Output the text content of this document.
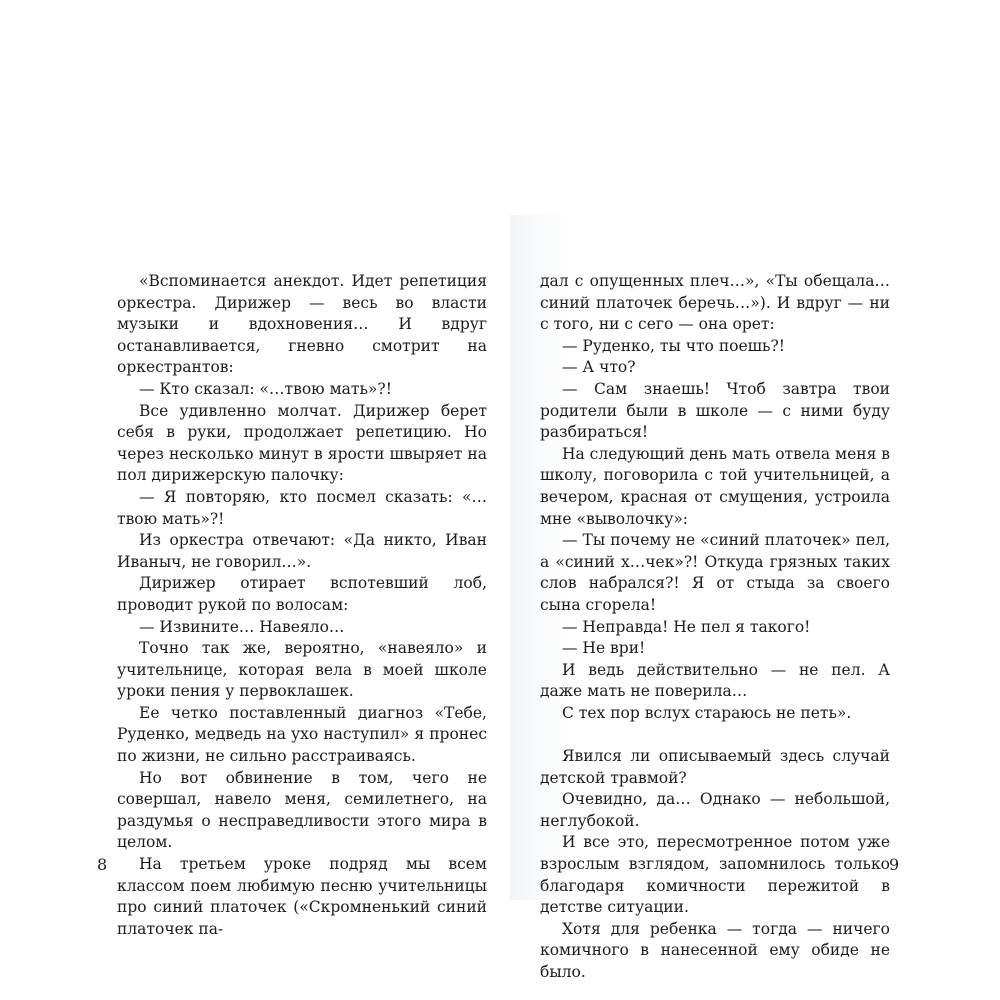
«Вспоминается анекдот. Идет репетиция оркестра. Дирижер — весь во власти музыки и вдохновения… И вдруг останавливается, гневно смотрит на оркестрантов:

— Кто сказал: «…твою мать»?!

Все удивленно молчат. Дирижер берет себя в руки, продолжает репетицию. Но через несколько минут в ярости швыряет на пол дирижерскую палочку:

— Я повторяю, кто посмел сказать: «…твою мать»?!

Из оркестра отвечают: «Да никто, Иван Иваныч, не говорил…».

Дирижер отирает вспотевший лоб, проводит рукой по волосам:

— Извините… Навеяло…

Точно так же, вероятно, «навеяло» и учительнице, которая вела в моей школе уроки пения у первоклашек.

Ее четко поставленный диагноз «Тебе, Руденко, медведь на ухо наступил» я пронес по жизни, не сильно расстраиваясь.

Но вот обвинение в том, чего не совершал, навело меня, семилетнего, на раздумья о несправедливости этого мира в целом.

На третьем уроке подряд мы всем классом поем любимую песню учительницы про синий платочек («Скромненький синий платочек па-

8

дал с опущенных плеч…», «Ты обещала… синий платочек беречь…»). И вдруг — ни с того, ни с сего — она орет:

— Руденко, ты что поешь?!

— А что?

— Сам знаешь! Чтоб завтра твои родители были в школе — с ними буду разбираться!

На следующий день мать отвела меня в школу, поговорила с той учительницей, а вечером, красная от смущения, устроила мне «выволочку»:

— Ты почему не «синий платочек» пел, а «синий х…чек»?! Откуда грязных таких слов набрался?! Я от стыда за своего сына сгорела!

— Неправда! Не пел я такого!

— Не ври!

И ведь действительно — не пел. А даже мать не поверила…

С тех пор вслух стараюсь не петь».

Явился ли описываемый здесь случай детской травмой?

Очевидно, да… Однако — небольшой, неглубокой.

И все это, пересмотренное потом уже взрослым взглядом, запомнилось только благодаря комичности пережитой в детстве ситуации.

Хотя для ребенка — тогда — ничего комичного в нанесенной ему обиде не было.

9
